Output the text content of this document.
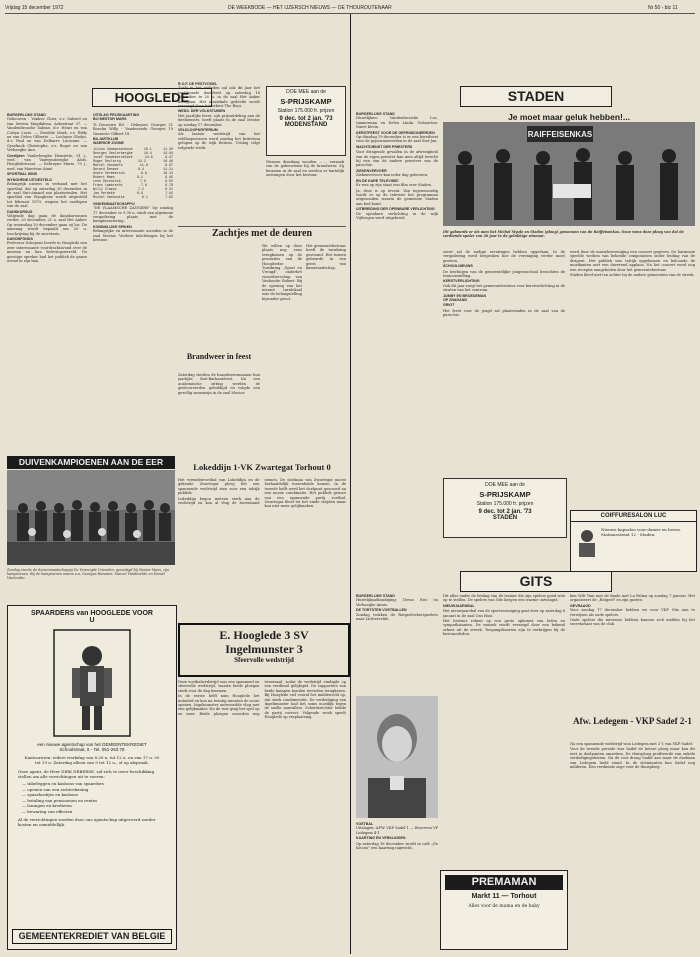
Vrijdag 15 december 1972	DE WEEKBODE — HET IJZERSCH NIEUWS — DE THOUROUTENAAR	Nr 50 - blz 11
HOOGLEDE

BURGERLIJKE STAND
Geboorten : Vanhee Chris, z.v. Gabriel en van Sevens Magdalena, Arkestraat 37. — Vandenbrouche Sabine, d.v. Henri en van Cottyn Lucie. — Dewilde Mark, z.v. Eddy en van Deleu Gilberte. — Lecluyse Gladys, d.v. Paul en van Delbarre Lucienne. — Gyselinck Christophe, z.v. Roger en van Verhaeghe Ann.

Overlijden Vanlerberghe Henriette, 91 j., wed. van Vanwynsberghe Alois, Hoogledestraat. — Debruyne Marie, 79 j., wed. van Maertens Aimé.

SPORTBAL WINS

WYNGHENE UITGESTELD
Belangrijk nieuws in verband met het sportbal, dat op zaterdag 30 december in de zaal Sint-Amand zou plaatsvinden. Het sportbal van Wynghene wordt uitgesteld tot februari 1973, wegens het vastlopen van de zaal.

DANSKURSUS
Volgende dag gaan de danskursussen verder. 20 december, 21 u. zaal Het Anker. Op woensdag 20 december gaan zij los. De aanvang wordt bepaald om 20 u. Inschrijving bij de secretaris.

DAVIDSFONDS
Professor Schepens leerde in Hooglede een zeer interessante voordrachtavond over de mensen en hun belevingswereld. De geestige spreker had het publiek de ganse avond in zijn ban.

UITSLAG PRIJSKAARTING
BIJ MESTOR MARS

Ti Deceurre Ed. - Dekeyser Georges 21 Boeckx Willy - Vandeneede Georges 19 Vanneste Gilbert 18.

BILJARTKLUB
WARRIOR ZONNE

Julien Vanmassenhove	10.1	11.30
Georges Vanlerberghe	10.4	12.04
Jozef Vandekerckhove	14.6	9.27
Roger Declercq	12.2	10.46
Marcel Vandaele	11.8	9.87
Gerard Desmet	9.4	11.21
Andre Vermeersch	8.8	10.13
Robert Maes	8.1	9.45
Leon Deconinck	7.9	9.02
Frans Lambrecht	7.6	8.78
Willy Claeys	7.2	8.31
Jan Verbeke	6.8	7.94
Michel Vanhoutte	6.1	7.62

VINKENMAATSCHAPPIJ
"DE VLAAMSCHE ZANGERS" Op zondag 17 december te 9.30 u. vindt een algemene vergadering plaats met de kampioenviering.

KONINKLIJKE SPIKEN
Belangrijke en interessante avonden in de zaal Mestor. Verdere inlichtingen bij het bestuur.

R.O.F. DE PESTVOGEL
Zoals in het verleden zal ook dit jaar het traditionele dansfeest op zaterdag 16 december te 20 u. in de zaal Het Anker doorgaan. Het muziekale gedeelte wordt verzorgd door het orkest The Boys.

WEDS. DER VOLKSTUINEN
Het jaarlijks feest, ook prijsuitdeling aan de deelnemers, heeft plaats in de zaal Mestor op zondag 17 december.

VELDLOOPKRITERIUM
Als laatste wedstrijd van het veldloopseizoen werd zondag het kriterium gelopen op de wijk Beitem. Uitslag volgt volgende week.

Brandweer in feest
Zaterdag vierden de brandweermannen hun jaarlijks Sint-Barbarafeest. Na een academische zitting werden de gedecoreerden gehuldigd en volgde een gezellig samenzijn in de zaal Mestor.
DOE MEE aan de
S-PRIJSKAMP
Station 175.000 fr. prijzen
9 dec. tot 2 jan. '73
MODENSTAND

Mensen dinsdaag wouden ....... oorzaak van de gebeurtenis bij de brandweer. Zij kwamen in de zaal en werden er hartelijk ontvangen door het bestuur.

Zachtjes met de deuren
We willen op deze plaats nog eens terugkomen op de prestaties van de Hoogleedse Turnkring „Sport en Vreugd", onderhet voorzitterschap van Vanhoutte Robert. Bij de opening van het nieuwe turnlokaal was de belangstelling bijzonder groot.

Het gemeentebestuur heeft de turnkring gesteund. Het turnen gebeurde in een geest van kameraadschap.

DUIVENKAMPIOENEN AAN DE EER
Zondag vierde de duivenmaatschappij De Verenigde Vrienden, gevestigd bij Nestor Maes, zijn kampioenen. Bij de kampioenen waren o.a. Georges Hanssen, Marcel Vandevelde en Daniel Vanhoutte.
Lokeddijn 1-VK Zwartegat Torhout 0

Het vriendenvoetbal van Lokeddijn en de gekende Zwartegat ploeg liet een spannende wedstrijd zien voor een talrijk publiek.

Lokeddijn begon meteen sterk aan de wedstrijd en kon al vlug de bovenhand nemen. De doelman van Zwartegat moest herhaaldelijk tussenbeide komen. In de tweede helft werd het doelpunt gescoord na een mooie combinatie. Het publiek genoot van een spannende partij voetbal. Zwartegat bleef tot het einde strijden maar kon niet meer gelijkmaken.

SPAARDERS van HOOGLEDE VOOR U
een nieuwe agentschap van het GEMEENTEKREDIET Schoolstraat, 6 - Tel. 051-263.78
Kantooruren: iedere werkdag van 8.30 u. tot 12 u. en van 17 u. 30 tot 19 u. Zaterdag alleen van 9 tot 12 u., of op afspraak.
Onze agent, de Heer DIRK DEBERSE, zal zich te uwer beschikking stellen om alle verrichtingen uit te voeren:
— Inbeleggen en kasbons van spaarders
— openen van een zichtrekening
— spaarboekjes en kasbons
— betaling van pensioenen en rentes
— leningen en kredieten
— bewaring van effecten
Al de verrichtingen worden door ons agentschap uitgevoerd zonder kosten en onmiddellijk.
GEMEENTEKREDIET VAN BELGIE
E. Hooglede 3 SV Ingelmunster 3
Sfeervolle wedstrijd

Deze voetbalwedstrijd was een spannend en sfeervolle wedstrijd, waarin beide ploegen sterk voor de dag kwamen.

In de eerste helft nam Hooglede het initiatief en kon na twintig minuten de score openen. Ingelmunster antwoordde vlug met een gelijkmaker. Na de rust ging het spel op en neer. Beide ploegen scoorden nog tweemaal, zodat de wedstrijd eindigde op een verdiend gelijkspel. De supporters van beide kampen konden tevreden terugkeren. Bij Hooglede viel vooral het middenveld op, dat sterk combineerde. De verdediging van Ingelmunster had het soms moeilijk tegen de snelle aanvallers. Scheidsrechter leidde de partij correct. Volgende week speelt Hooglede op verplaatsing.

STADEN

BURGERLIJKE STAND
Huwelijken: Vandenbroucke Luc, timmerman en Deleu Linda. Geboorten: Naert Kevin.

KERSTFEEST VOOR DE GEPENSIONEERDEN
Op dinsdag 19 december is er een kerstfeest voor de gepensioneerden in de zaal Sint-Jan.

WACHTDIENST DER PRIESTERS

Voor dringende gevallen in de afwezigheid van de eigen priester kan men altijd terecht bij een van de andere priesters van de parochie.

ZIEKENVERVOER
Ziekenvervoer kan ieder dag gebeuren.

EN DE KARE TELEVISIE!
Er was op zijn staat een film over Staden.

Ja, deze is op tevent. Van tegenwoordig wordt er op de televisie het programma uitgezonden waarin de gemeente Staden aan bod komt.

UITBREIDING DER OPENBARE VERLICHTING
De openbare verlichting in de wijk Vijfwegen werd uitgebreid.

Je moet maar geluk hebben!...
RAIFFEISENKAS
Dit gebeurde er als men het Michel Myule en Staden (ploeg) gewonnen van de Raiffeisenkas. Onze wens deze ploeg van dat de verdiende speler van 20 jaar te de gelukkige winnaar.

zover zal de nodige ervaringen hebben opgedaan. In de vergadering werd besproken hoe de vereniging verder moet groeien.

SCHOOLNIEUWS

De leerlingen van de gemeentelijke jongensschool bezochten de tentoonstelling.

KERSTVERLICHTING
Ook dit jaar zorgt het gemeentebestuur voor kerstverlichting in de straten van het centrum.

JUMBY EN BROEDEMAN
OP ZNADANG

GRIOT

Het feest voor de jeugd zal plaatsvinden in de zaal van de parochie.

werd door de muziekvereniging een concert gegeven. De harmonie speelde werken van bekende componisten onder leiding van de dirigent. Het publiek was talrijk opgekomen en beloonde de muzikanten met een daverend applaus. Na het concert werd nog een receptie aangeboden door het gemeentebestuur.

Staden bleef niet ten achter bij de andere gemeenten van de streek.

DOE MEE aan de
S-PRIJSKAMP
Station 175.000 fr. prijzen
9 dec. tot 2 jan. '73
STADEN	COIFFURESALON LUC
Nieuwe kapsalon voor dames en heren. Stationsstraat 12 - Staden.
GITS

BURGERLIJKE STAND
Huwelijksafkondiging: Devos Eric en Verhaeghe Annie.

DE TORTSTEN VOETBALLEN
Zondag trokken de Rotgeeloeberspeelers naar Lichtervelde.

VOETBAL
Uitslagen: AFW. VKP Sadef 1 — Reserven VP Ledegem 4-1

KAARTING EN VERKLINGEN

Op zaterdag 16 december wordt in café „De Kroon\" een kaarting ingericht.

PREMAMAN
Markt 11 — Torhout
Alles voor de mama en de baby

Dit alles onder de leiding van de trainer die zijn spelers goed wist op te stellen. De spelers van Gits kregen een warme ontvangst.

NIEUWJAARSBAL

Het nieuwjaarsbal van de sportvereniging gaat door op zaterdag 6 januari in de zaal Ons Huis.

Het bestuur rekent op een grote opkomst van leden en sympathisanten. De muziek wordt verzorgd door een bekend orkest uit de streek. Toegangskaarten zijn te verkrijgen bij de bestuursleden.

ken Wilt Tom met de finale met La Palma op zondag 7 januari. Het organiseert de „Rotgeel" en zijn gasten.

GEVRAAGD
Voor zondag 17 december hebben we voor VKP Gits aan te verwijzen als oude spelers.

Oude spelers die interesse hebben kunnen zich melden bij het secretariaat van de club.

Afw. Ledegem - VKP Sadef 2-1

Na een spannende wedstrijd won Ledegem met 2-1 van VKP Sadef.

Voor de tweede periode was Sadef de betere ploeg maar kon dit niet in doelpunten omzetten. De thuisploeg profiteerde van enkele verdedigingsfouten. Na de rust drong Sadef aan maar de doelman van Ledegem hield stand. In de slotminuten kon Sadef nog milderen. Een verdiende zege voor de thuisploeg.
